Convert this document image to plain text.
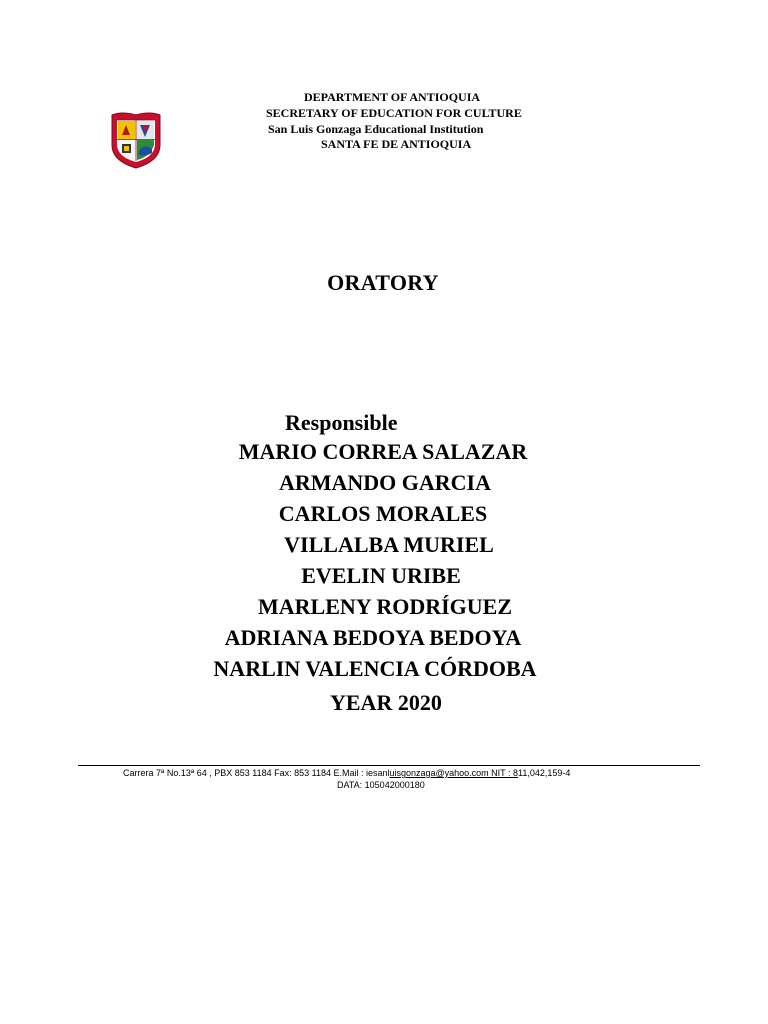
DEPARTMENT OF ANTIOQUIA
SECRETARY OF EDUCATION FOR CULTURE
San Luis Gonzaga Educational Institution
SANTA FE DE ANTIOQUIA
ORATORY
Responsible
MARIO CORREA SALAZAR
ARMANDO GARCIA
CARLOS MORALES
VILLALBA MURIEL
EVELIN URIBE
MARLENY RODRÍGUEZ
ADRIANA BEDOYA BEDOYA
NARLIN VALENCIA CÓRDOBA
YEAR 2020
Carrera 7ª No.13ª 64 , PBX 853 1184 Fax: 853 1184 E.Mail : iesanluisgonzaga@yahoo.com NIT : 811,042,159-4
DATA: 105042000180
